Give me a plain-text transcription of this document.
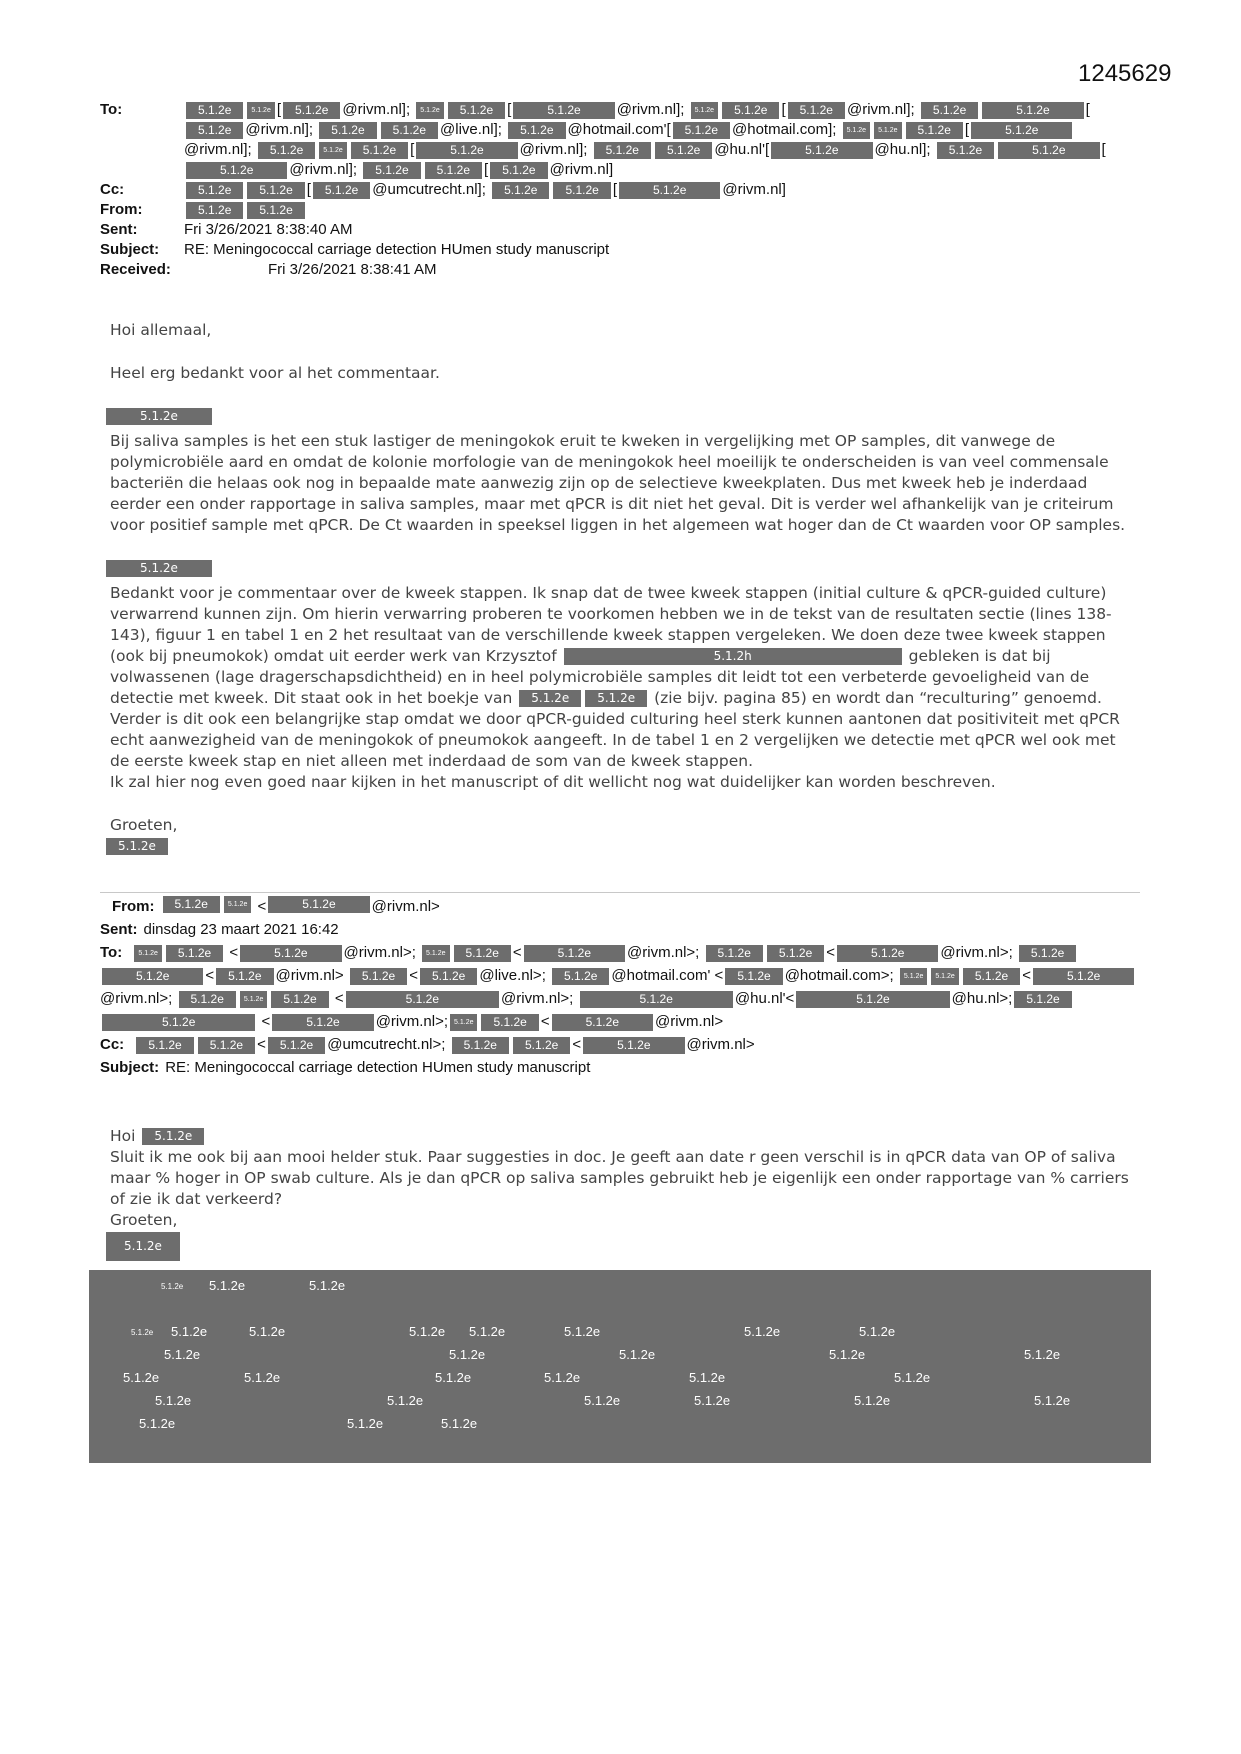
1245629
To:	5.1.2e	5.1.2e [ 5.1.2e @rivm.nl]; 5.1.2e 5.1.2e [	5.1.2e @rivm.nl]; 5.1.2e 5.1.2e [ 5.1.2e @rivm.nl]; 5.1.2e	5.1.2e [5.1.2e @rivm.nl]; 5.1.2e 5.1.2e @live.nl]; 5.1.2e @hotmail.com'[ 5.1.2e @hotmail.com]; 5.1.2e 5.1.2e 5.1.2e [	5.1.2e@rivm.nl]; 5.1.2e	5.1.2e 5.1.2e [	5.1.2e @rivm.nl]; 5.1.2e 5.1.2e @hu.nl'[	5.1.2e @hu.nl]; 5.1.2e	5.1.2e [5.1.2e @rivm.nl]; 5.1.2e 5.1.2e [ 5.1.2e @rivm.nl]
Cc:	5.1.2e 5.1.2e [ 5.1.2e @umcutrecht.nl]; 5.1.2e 5.1.2e [	5.1.2e @rivm.nl]
From:	5.1.2e 5.1.2e
Sent:	Fri 3/26/2021 8:38:40 AM
Subject:	RE: Meningococcal carriage detection HUmen study manuscript
Received:	Fri 3/26/2021 8:38:41 AM

Hoi allemaal,

Heel erg bedankt voor al het commentaar.

5.1.2e

Bij saliva samples is het een stuk lastiger de meningokok eruit te kweken in vergelijking met OP samples, dit vanwege de polymicrobiële aard en omdat de kolonie morfologie van de meningokok heel moeilijk te onderscheiden is van veel commensale bacteriën die helaas ook nog in bepaalde mate aanwezig zijn op de selectieve kweekplaten. Dus met kweek heb je inderdaad eerder een onder rapportage in saliva samples, maar met qPCR is dit niet het geval. Dit is verder wel afhankelijk van je criteirum voor positief sample met qPCR. De Ct waarden in speeksel liggen in het algemeen wat hoger dan de Ct waarden voor OP samples.

5.1.2e
Bedankt voor je commentaar over de kweek stappen. Ik snap dat de twee kweek stappen (initial culture & qPCR-guided culture) verwarrend kunnen zijn. Om hierin verwarring proberen te voorkomen hebben we in de tekst van de resultaten sectie (lines 138-143), figuur 1 en tabel 1 en 2 het resultaat van de verschillende kweek stappen vergeleken. We doen deze twee kweek stappen (ook bij pneumokok) omdat uit eerder werk van Krzysztof	5.1.2h	gebleken is dat bij volwassenen (lage dragerschapsdichtheid) en in heel polymicrobiële samples dit leidt tot een verbeterde gevoeligheid van de detectie met kweek. Dit staat ook in het boekje van 5.1.2e 5.1.2e (zie bijv. pagina 85) en wordt dan “reculturing” genoemd. Verder is dit ook een belangrijke stap omdat we door qPCR-guided culturing heel sterk kunnen aantonen dat positiviteit met qPCR echt aanwezigheid van de meningokok of pneumokok aangeeft. In de tabel 1 en 2 vergelijken we detectie met qPCR wel ook met de eerste kweek stap en niet alleen met inderdaad de som van de kweek stappen.

Ik zal hier nog even goed naar kijken in het manuscript of dit wellicht nog wat duidelijker kan worden beschreven.

Groeten,
5.1.2e
From:	5.1.2e	5.1.2e <	5.1.2e	@rivm.nl>
Sent: dinsdag 23 maart 2021 16:42
To: 5.1.2e 5.1.2e <	5.1.2e @rivm.nl>; 5.1.2e 5.1.2e <	5.1.2e @rivm.nl>; 5.1.2e 5.1.2e <	5.1.2e @rivm.nl>; 5.1.2e 5.1.2e < 5.1.2e @rivm.nl> 5.1.2e < 5.1.2e @live.nl>; 5.1.2e @hotmail.com' < 5.1.2e @hotmail.com>; 5.1.2e 5.1.2e 5.1.2e <	5.1.2e@rivm.nl>; 5.1.2e	5.1.2e 5.1.2e <	5.1.2e	@rivm.nl>;	5.1.2e	@hu.nl'<	5.1.2e	@hu.nl>; 5.1.2e5.1.2e	<	5.1.2e @rivm.nl>; 5.1.2e 5.1.2e <	5.1.2e @rivm.nl>
Cc: 5.1.2e 5.1.2e < 5.1.2e @umcutrecht.nl>; 5.1.2e 5.1.2e <	5.1.2e @rivm.nl>
Subject: RE: Meningococcal carriage detection HUmen study manuscript
Hoi 5.1.2e
Sluit ik me ook bij aan mooi helder stuk. Paar suggesties in doc. Je geeft aan date r geen verschil is in qPCR data van OP of saliva maar % hoger in OP swab culture. Als je dan qPCR op saliva samples gebruikt heb je eigenlijk een onder rapportage van % carriers of zie ik dat verkeerd?
Groeten,
5.1.2e
5.1.2e 5.1.2e	5.1.2e
5.1.2e 5.1.2e	5.1.2e	5.1.2e 5.1.2e	5.1.2e	5.1.2e	5.1.2e
5.1.2e	5.1.2e	5.1.2e	5.1.2e	5.1.2e
5.1.2e	5.1.2e	5.1.2e	5.1.2e	5.1.2e	5.1.2e
5.1.2e	5.1.2e	5.1.2e	5.1.2e	5.1.2e	5.1.2e
5.1.2e	5.1.2e	5.1.2e
